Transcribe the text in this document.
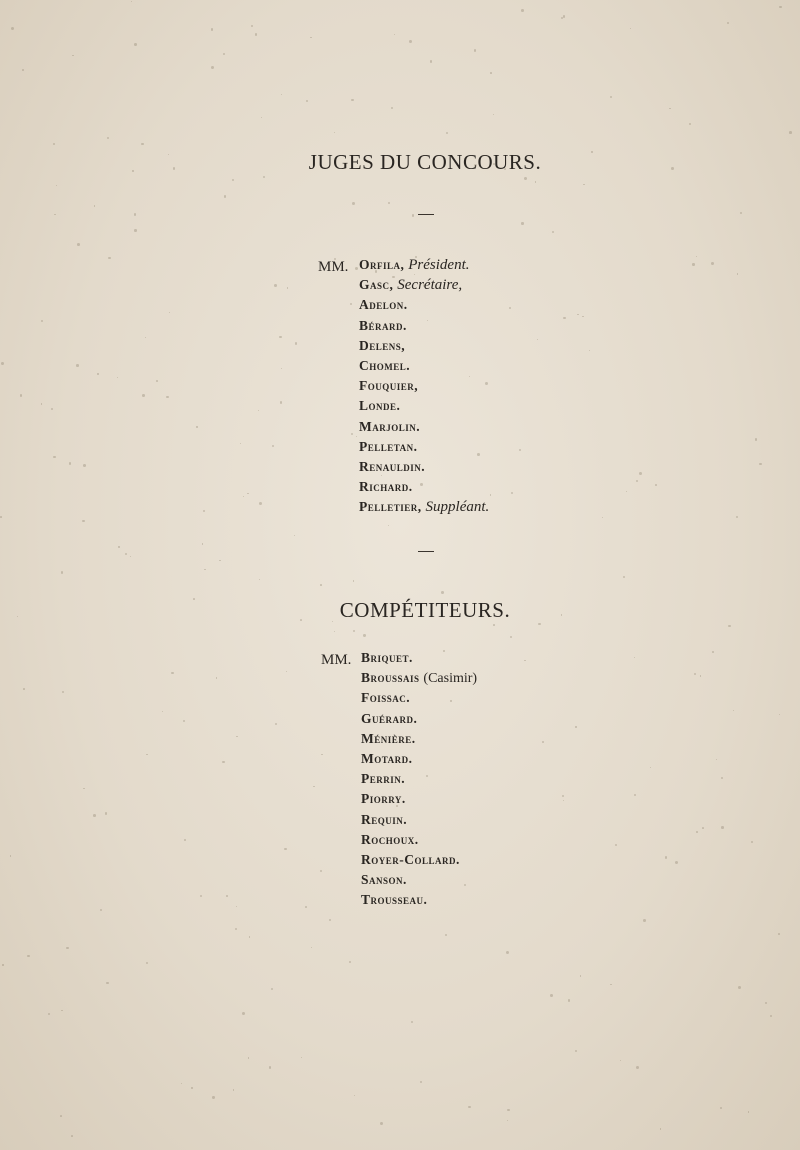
JUGES DU CONCOURS.
MM. Orfila, Président.
Gasc, Secrétaire,
Adelon.
Bérard.
Delens,
Chomel.
Fouquier,
Londe.
Marjolin.
Pelletan.
Renauldin.
Richard.
Pelletier, Suppléant.
COMPÉTITEURS.
MM. Briquet.
Broussais (Casimir)
Foissac.
Guérard.
Ménière.
Motard.
Perrin.
Piorry.
Requin.
Rochoux.
Royer-Collard.
Sanson.
Trousseau.
